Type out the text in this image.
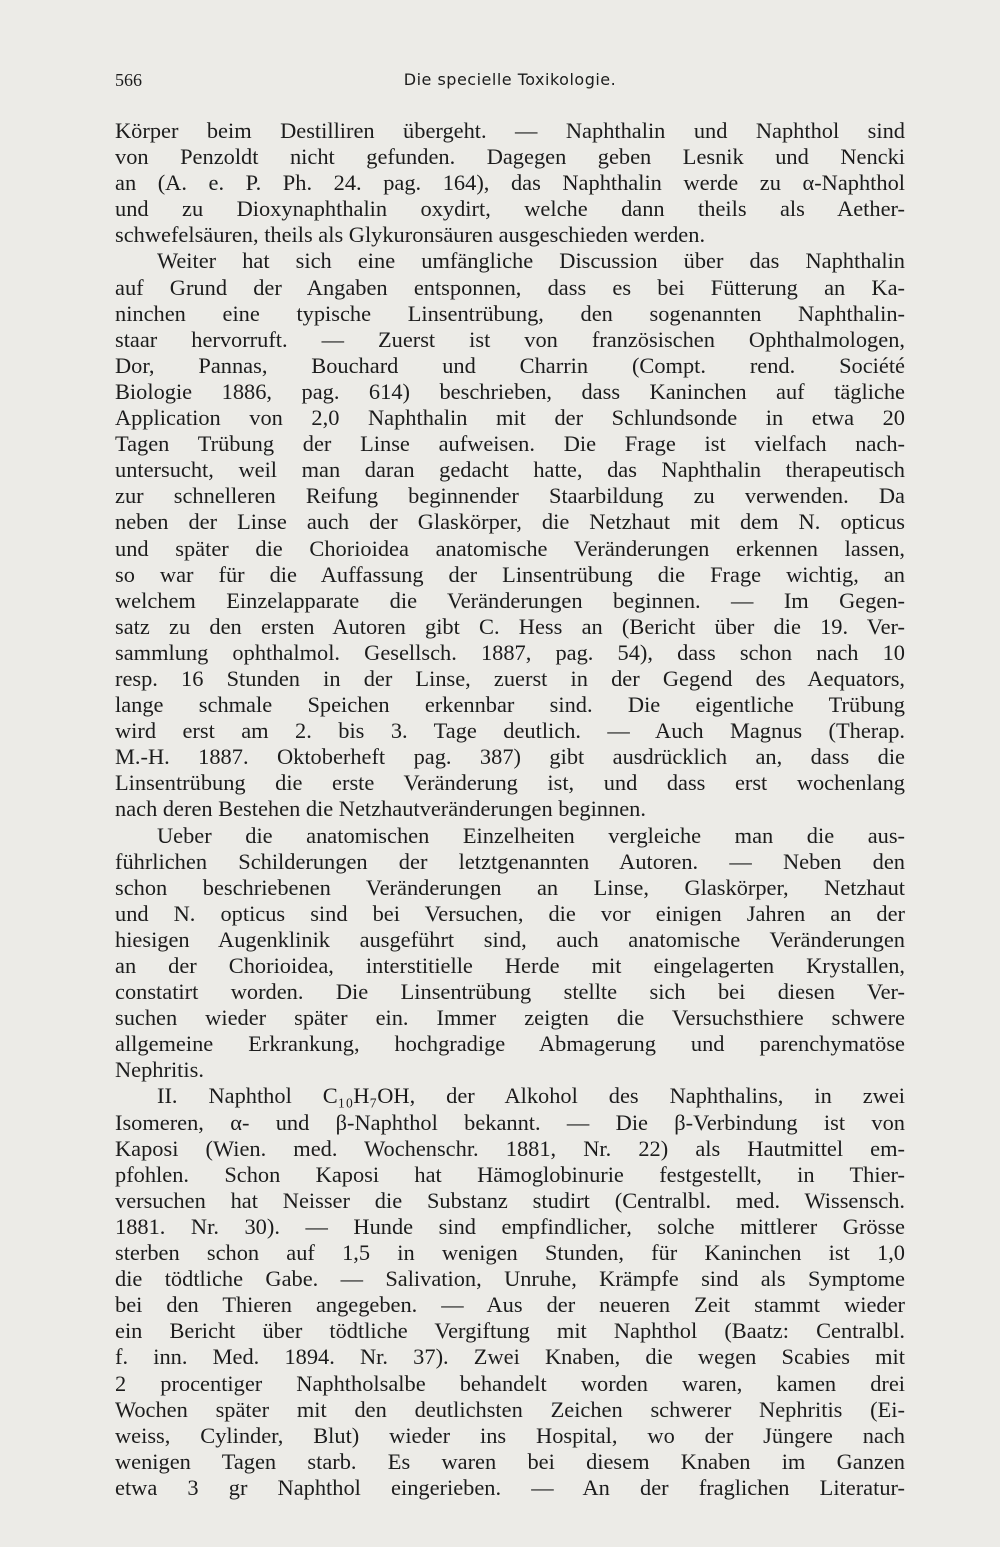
566	Die specielle Toxikologie.
Körper beim Destilliren übergeht. — Naphthalin und Naphthol sind
von Penzoldt nicht gefunden. Dagegen geben Lesnik und Nencki
an (A. e. P. Ph. 24. pag. 164), das Naphthalin werde zu α-Naphthol
und zu Dioxynaphthalin oxydirt, welche dann theils als Aether-
schwefelsäuren, theils als Glykuronsäuren ausgeschieden werden.
Weiter hat sich eine umfängliche Discussion über das Naphthalin
auf Grund der Angaben entsponnen, dass es bei Fütterung an Ka-
ninchen eine typische Linsentrübung, den sogenannten Naphthalin-
staar hervorruft. — Zuerst ist von französischen Ophthalmologen,
Dor, Pannas, Bouchard und Charrin (Compt. rend. Société
Biologie 1886, pag. 614) beschrieben, dass Kaninchen auf tägliche
Application von 2,0 Naphthalin mit der Schlundsonde in etwa 20
Tagen Trübung der Linse aufweisen. Die Frage ist vielfach nach-
untersucht, weil man daran gedacht hatte, das Naphthalin therapeutisch
zur schnelleren Reifung beginnender Staarbildung zu verwenden. Da
neben der Linse auch der Glaskörper, die Netzhaut mit dem N. opticus
und später die Chorioidea anatomische Veränderungen erkennen lassen,
so war für die Auffassung der Linsentrübung die Frage wichtig, an
welchem Einzelapparate die Veränderungen beginnen. — Im Gegen-
satz zu den ersten Autoren gibt C. Hess an (Bericht über die 19. Ver-
sammlung ophthalmol. Gesellsch. 1887, pag. 54), dass schon nach 10
resp. 16 Stunden in der Linse, zuerst in der Gegend des Aequators,
lange schmale Speichen erkennbar sind. Die eigentliche Trübung
wird erst am 2. bis 3. Tage deutlich. — Auch Magnus (Therap.
M.-H. 1887. Oktoberheft pag. 387) gibt ausdrücklich an, dass die
Linsentrübung die erste Veränderung ist, und dass erst wochenlang
nach deren Bestehen die Netzhautveränderungen beginnen.
Ueber die anatomischen Einzelheiten vergleiche man die aus-
führlichen Schilderungen der letztgenannten Autoren. — Neben den
schon beschriebenen Veränderungen an Linse, Glaskörper, Netzhaut
und N. opticus sind bei Versuchen, die vor einigen Jahren an der
hiesigen Augenklinik ausgeführt sind, auch anatomische Veränderungen
an der Chorioidea, interstitielle Herde mit eingelagerten Krystallen,
constatirt worden. Die Linsentrübung stellte sich bei diesen Ver-
suchen wieder später ein. Immer zeigten die Versuchsthiere schwere
allgemeine Erkrankung, hochgradige Abmagerung und parenchymatöse
Nephritis.
II. Naphthol C₁₀H₇OH, der Alkohol des Naphthalins, in zwei
Isomeren, α- und β-Naphthol bekannt. — Die β-Verbindung ist von
Kaposi (Wien. med. Wochenschr. 1881, Nr. 22) als Hautmittel em-
pfohlen. Schon Kaposi hat Hämoglobinurie festgestellt, in Thier-
versuchen hat Neisser die Substanz studirt (Centralbl. med. Wissensch.
1881. Nr. 30). — Hunde sind empfindlicher, solche mittlerer Grösse
sterben schon auf 1,5 in wenigen Stunden, für Kaninchen ist 1,0
die tödtliche Gabe. — Salivation, Unruhe, Krämpfe sind als Symptome
bei den Thieren angegeben. — Aus der neueren Zeit stammt wieder
ein Bericht über tödtliche Vergiftung mit Naphthol (Baatz: Centralbl.
f. inn. Med. 1894. Nr. 37). Zwei Knaben, die wegen Scabies mit
2 procentiger Naphtholsalbe behandelt worden waren, kamen drei
Wochen später mit den deutlichsten Zeichen schwerer Nephritis (Ei-
weiss, Cylinder, Blut) wieder ins Hospital, wo der Jüngere nach
wenigen Tagen starb. Es waren bei diesem Knaben im Ganzen
etwa 3 gr Naphthol eingerieben. — An der fraglichen Literatur-
